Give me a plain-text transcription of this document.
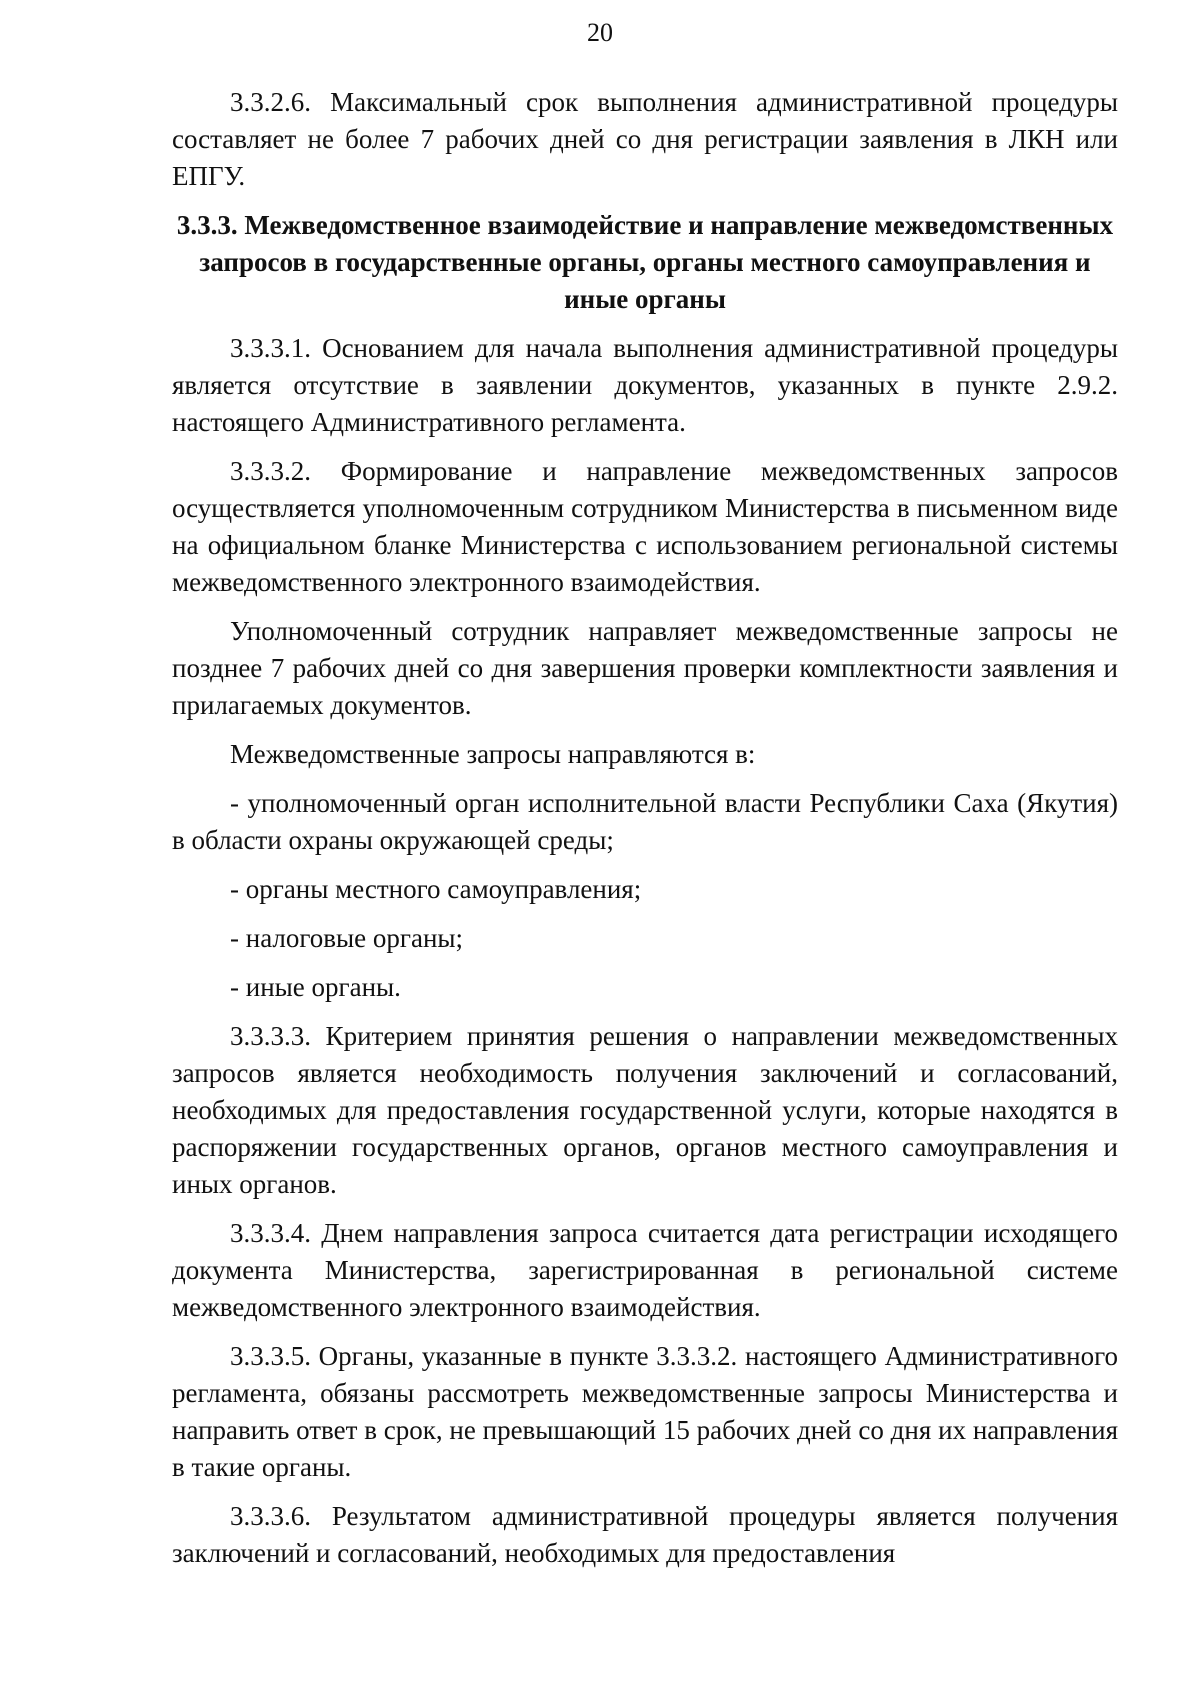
20

3.3.2.6. Максимальный срок выполнения административной процедуры составляет не более 7 рабочих дней со дня регистрации заявления в ЛКН или ЕПГУ.

3.3.3. Межведомственное взаимодействие и направление межведомственных запросов в государственные органы, органы местного самоуправления и иные органы

3.3.3.1. Основанием для начала выполнения административной процедуры является отсутствие в заявлении документов, указанных в пункте 2.9.2. настоящего Административного регламента.

3.3.3.2. Формирование и направление межведомственных запросов осуществляется уполномоченным сотрудником Министерства в письменном виде на официальном бланке Министерства с использованием региональной системы межведомственного электронного взаимодействия.

Уполномоченный сотрудник направляет межведомственные запросы не позднее 7 рабочих дней со дня завершения проверки комплектности заявления и прилагаемых документов.

Межведомственные запросы направляются в:

- уполномоченный орган исполнительной власти Республики Саха (Якутия) в области охраны окружающей среды;

- органы местного самоуправления;

- налоговые органы;

- иные органы.

3.3.3.3. Критерием принятия решения о направлении межведомственных запросов является необходимость получения заключений и согласований, необходимых для предоставления государственной услуги, которые находятся в распоряжении государственных органов, органов местного самоуправления и иных органов.

3.3.3.4. Днем направления запроса считается дата регистрации исходящего документа Министерства, зарегистрированная в региональной системе межведомственного электронного взаимодействия.

3.3.3.5. Органы, указанные в пункте 3.3.3.2. настоящего Административного регламента, обязаны рассмотреть межведомственные запросы Министерства и направить ответ в срок, не превышающий 15 рабочих дней со дня их направления в такие органы.

3.3.3.6. Результатом административной процедуры является получения заключений и согласований, необходимых для предоставления
